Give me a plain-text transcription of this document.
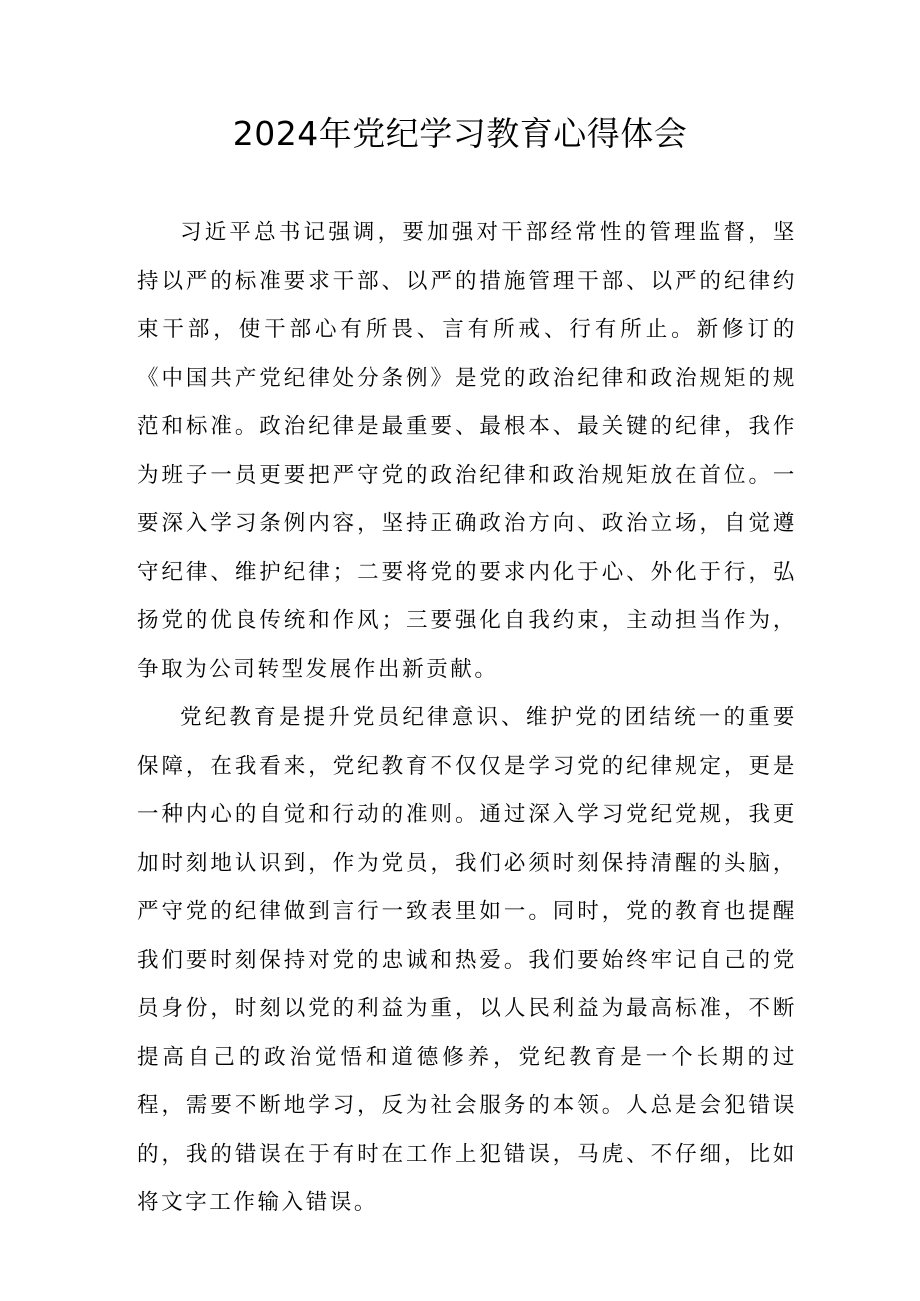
2024年党纪学习教育心得体会

习近平总书记强调，要加强对干部经常性的管理监督，坚持以严的标准要求干部、以严的措施管理干部、以严的纪律约束干部，使干部心有所畏、言有所戒、行有所止。新修订的《中国共产党纪律处分条例》是党的政治纪律和政治规矩的规范和标准。政治纪律是最重要、最根本、最关键的纪律，我作为班子一员更要把严守党的政治纪律和政治规矩放在首位。一要深入学习条例内容，坚持正确政治方向、政治立场，自觉遵守纪律、维护纪律；二要将党的要求内化于心、外化于行，弘扬党的优良传统和作风；三要强化自我约束，主动担当作为，争取为公司转型发展作出新贡献。

党纪教育是提升党员纪律意识、维护党的团结统一的重要保障，在我看来，党纪教育不仅仅是学习党的纪律规定，更是一种内心的自觉和行动的准则。通过深入学习党纪党规，我更加时刻地认识到，作为党员，我们必须时刻保持清醒的头脑，严守党的纪律做到言行一致表里如一。同时，党的教育也提醒我们要时刻保持对党的忠诚和热爱。我们要始终牢记自己的党员身份，时刻以党的利益为重，以人民利益为最高标准，不断提高自己的政治觉悟和道德修养，党纪教育是一个长期的过程，需要不断地学习，反为社会服务的本领。人总是会犯错误的，我的错误在于有时在工作上犯错误，马虎、不仔细，比如将文字工作输入错误。
